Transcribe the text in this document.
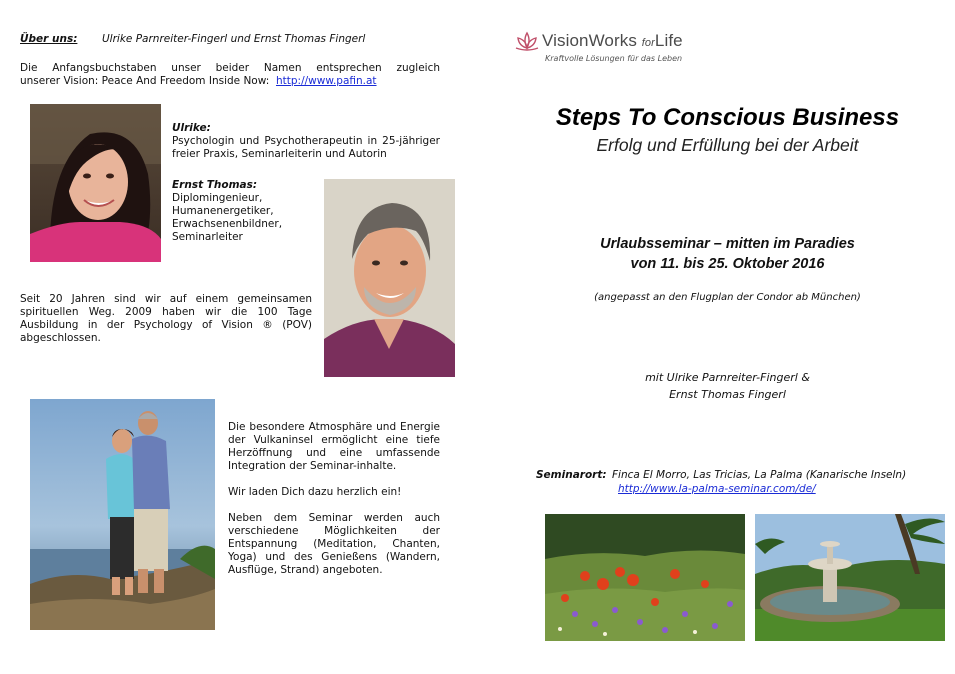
Über uns: Ulrike Parnreiter-Fingerl und Ernst Thomas Fingerl
Die Anfangsbuchstaben unser beider Namen entsprechen zugleich
unserer Vision: Peace And Freedom Inside Now: http://www.pafin.at
Ulrike:
Psychologin und Psychotherapeutin in 25-jähriger freier Praxis, Seminarleiterin und Autorin
Ernst Thomas:
Diplomingenieur,
Humanenergetiker,
Erwachsenenbildner,
Seminarleiter
Seit 20 Jahren sind wir auf einem gemeinsamen spirituellen Weg. 2009 haben wir die 100 Tage Ausbildung in der Psychology of Vision ® (POV) abgeschlossen.

Die besondere Atmosphäre und Energie der Vulkaninsel ermöglicht eine tiefe Herzöffnung und eine umfassende Integration der Seminar-inhalte.

Wir laden Dich dazu herzlich ein!

Neben dem Seminar werden auch verschiedene Möglichkeiten der Entspannung (Meditation, Chanten, Yoga) und des Genießens (Wandern, Ausflüge, Strand) angeboten.

VisionWorks forLife
Kraftvolle Lösungen für das Leben
Steps To Conscious Business
Erfolg und Erfüllung bei der Arbeit
Urlaubsseminar – mitten im Paradies
von 11. bis 25. Oktober 2016
(angepasst an den Flugplan der Condor ab München)
mit Ulrike Parnreiter-Fingerl &
Ernst Thomas Fingerl
Seminarort: Finca El Morro, Las Tricias, La Palma (Kanarische Inseln)
http://www.la-palma-seminar.com/de/
